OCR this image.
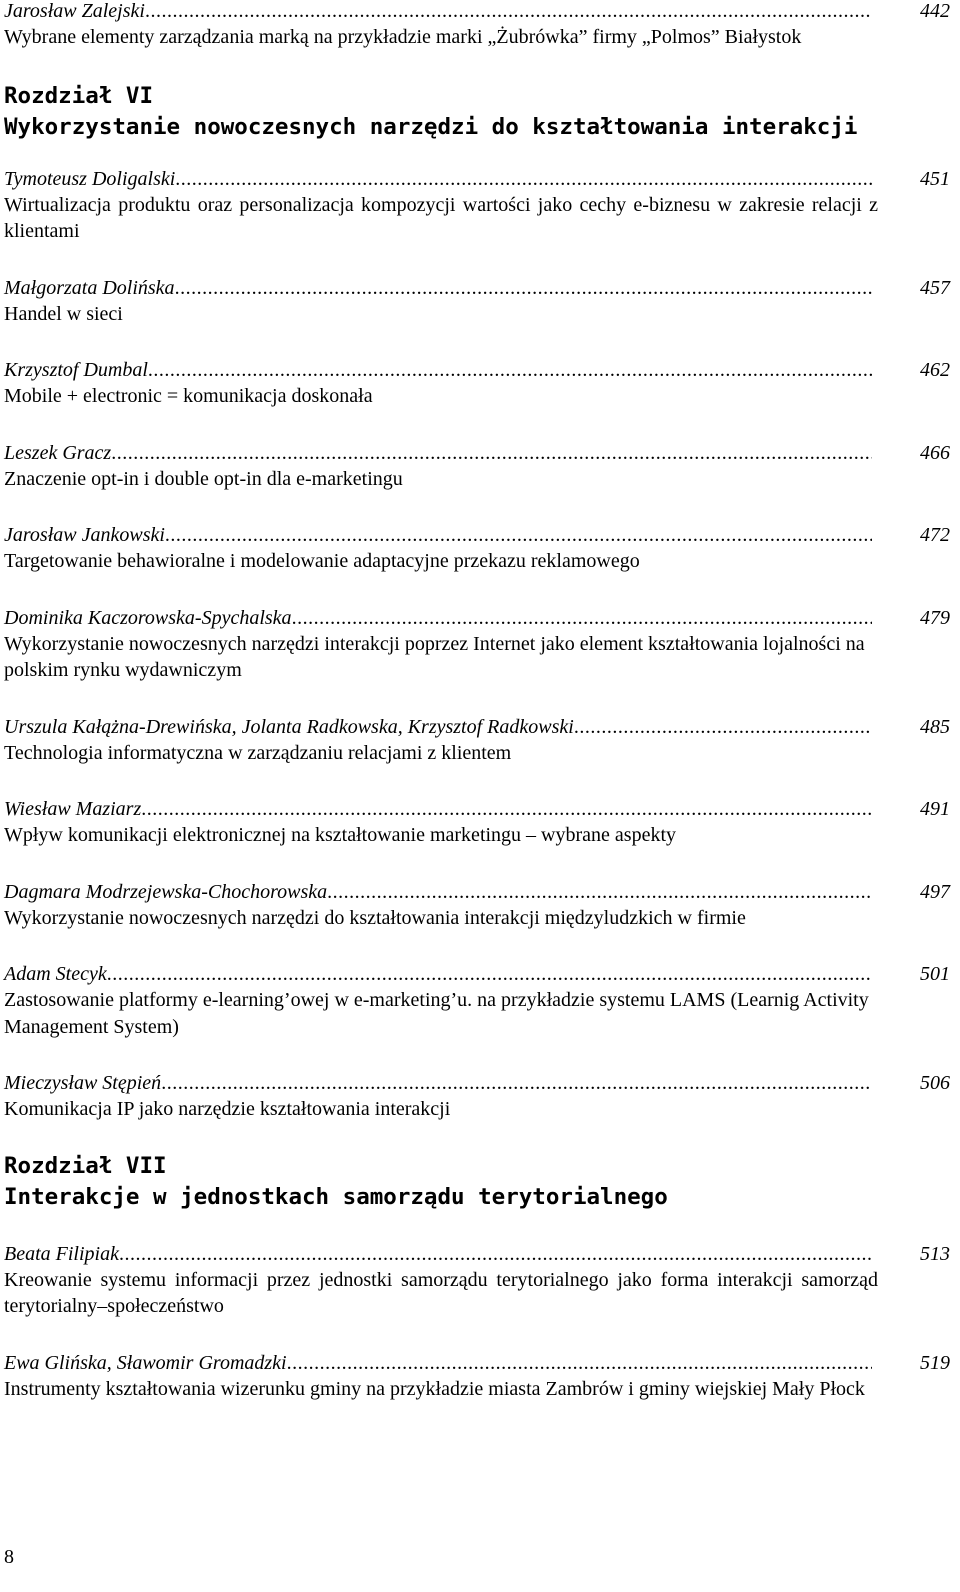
Jarosław Zalejski .....	442
Wybrane elementy zarządzania marką na przykładzie marki „Żubrówka” firmy „Polmos” Białystok
Rozdział VI
Wykorzystanie nowoczesnych narzędzi do kształtowania interakcji
Tymoteusz Doligalski .....	451
Wirtualizacja produktu oraz personalizacja kompozycji wartości jako cechy e-biznesu w zakresie relacji z klientami
Małgorzata Dolińska .....	457
Handel w sieci
Krzysztof Dumbal .....	462
Mobile + electronic = komunikacja doskonała
Leszek Gracz .....	466
Znaczenie opt-in i double opt-in dla e-marketingu
Jarosław Jankowski .....	472
Targetowanie behawioralne i modelowanie adaptacyjne przekazu reklamowego
Dominika Kaczorowska-Spychalska .....	479
Wykorzystanie nowoczesnych narzędzi interakcji poprzez Internet jako element kształtowania lojalności na polskim rynku wydawniczym
Urszula Kałążna-Drewińska, Jolanta Radkowska, Krzysztof Radkowski .....	485
Technologia informatyczna w zarządzaniu relacjami z klientem
Wiesław Maziarz .....	491
Wpływ komunikacji elektronicznej na kształtowanie marketingu – wybrane aspekty
Dagmara Modrzejewska-Chochorowska .....	497
Wykorzystanie nowoczesnych narzędzi do kształtowania interakcji międzyludzkich w firmie
Adam Stecyk .....	501
Zastosowanie platformy e-learning’owej w e-marketing’u. na przykładzie systemu LAMS (Learnig Activity Management System)
Mieczysław Stępień .....	506
Komunikacja IP jako narzędzie kształtowania interakcji
Rozdział VII
Interakcje w jednostkach samorządu terytorialnego
Beata Filipiak .....	513
Kreowanie systemu informacji przez jednostki samorządu terytorialnego jako forma interakcji samorząd terytorialny–społeczeństwo
Ewa Glińska, Sławomir Gromadzki .....	519
Instrumenty kształtowania wizerunku gminy na przykładzie miasta Zambrów i gminy wiejskiej Mały Płock
8
